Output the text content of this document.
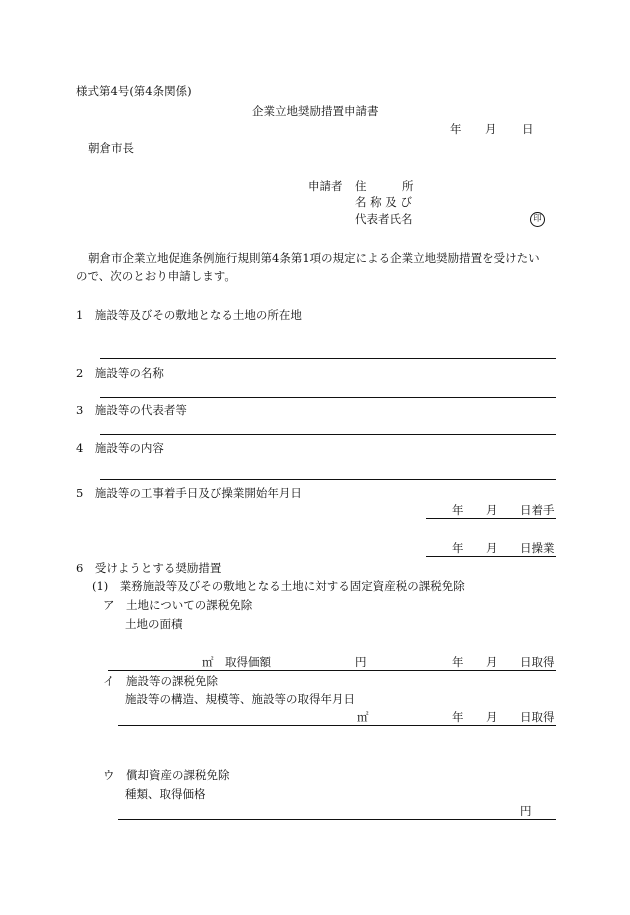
様式第4号(第4条関係)
企業立地奨励措置申請書
年 月 日
朝倉市長
申請者 住	所
名 称 及 び
代表者氏名	印
朝倉市企業立地促進条例施行規則第4条第1項の規定による企業立地奨励措置を受けたい
ので、次のとおり申請します。
1　施設等及びその敷地となる土地の所在地
2　施設等の名称
3　施設等の代表者等
4　施設等の内容
5　施設等の工事着手日及び操業開始年月日
年 月 日着手
年 月 日操業
6　受けようとする奨励措置
(1)　業務施設等及びその敷地となる土地に対する固定資産税の課税免除
ア　土地についての課税免除
土地の面積
㎡ 取得価額	円	年 月 日取得
イ　施設等の課税免除
施設等の構造、規模等、施設等の取得年月日
㎡	年 月 日取得
ウ　償却資産の課税免除
種類、取得価格
円
